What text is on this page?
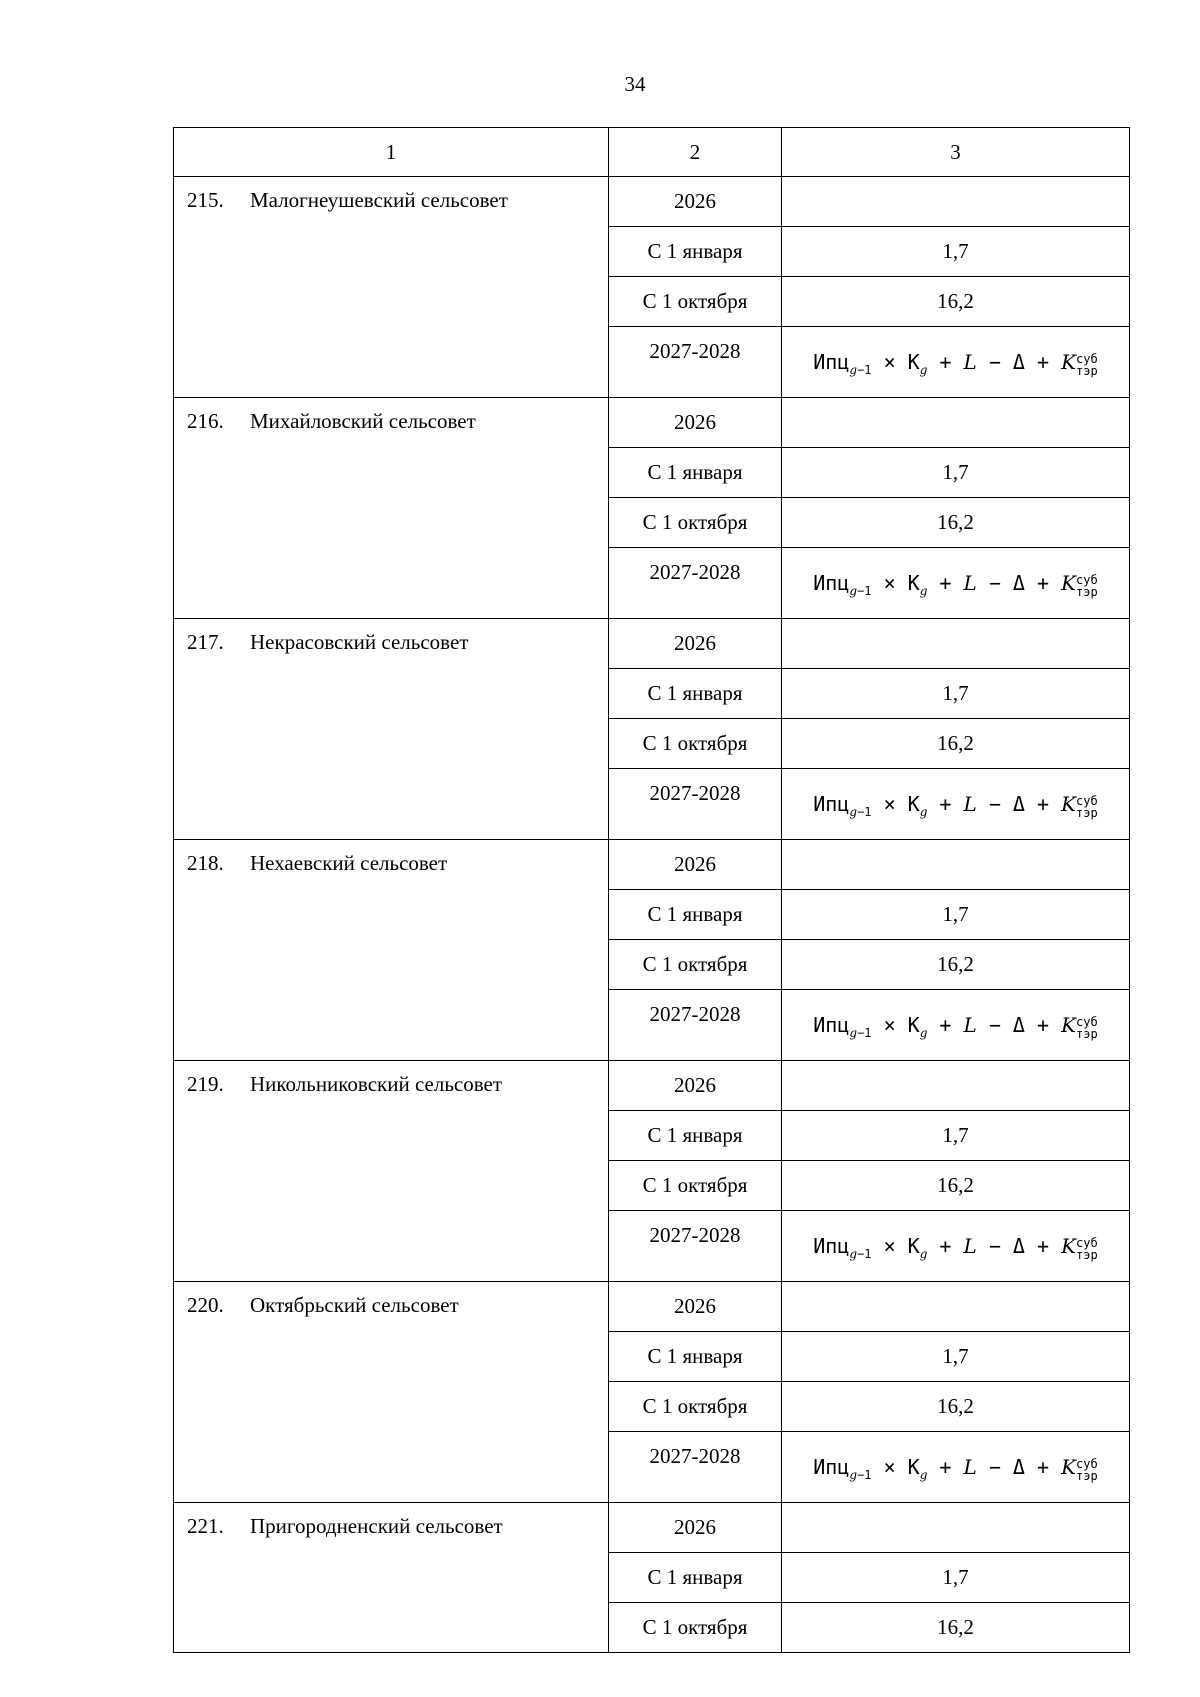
34
1	2	3
215. Малогнеушевский сельсовет	2026	
	С 1 января	1,7
	С 1 октября	16,2
	2027-2028	$Ипц_{g-1} \times К_g + L - \Delta + K$ суб
тэр

216. Михайловский сельсовет	2026	
	С 1 января	1,7
	С 1 октября	16,2
	2027-2028	$Ипц_{g-1} \times К_g + L - \Delta + K$ суб
тэр

217. Некрасовский сельсовет	2026	
	С 1 января	1,7
	С 1 октября	16,2
	2027-2028	$Ипц_{g-1} \times К_g + L - \Delta + K$ суб
тэр

218. Нехаевский сельсовет	2026	
	С 1 января	1,7
	С 1 октября	16,2
	2027-2028	$Ипц_{g-1} \times К_g + L - \Delta + K$ суб
тэр

219. Никольниковский сельсовет	2026	
	С 1 января	1,7
	С 1 октября	16,2
	2027-2028	$Ипц_{g-1} \times К_g + L - \Delta + K$ суб
тэр

220. Октябрьский сельсовет	2026	
	С 1 января	1,7
	С 1 октября	16,2
	2027-2028	$Ипц_{g-1} \times К_g + L - \Delta + K$ суб
тэр

221. Пригородненский сельсовет	2026	
	С 1 января	1,7
	С 1 октября	16,2
